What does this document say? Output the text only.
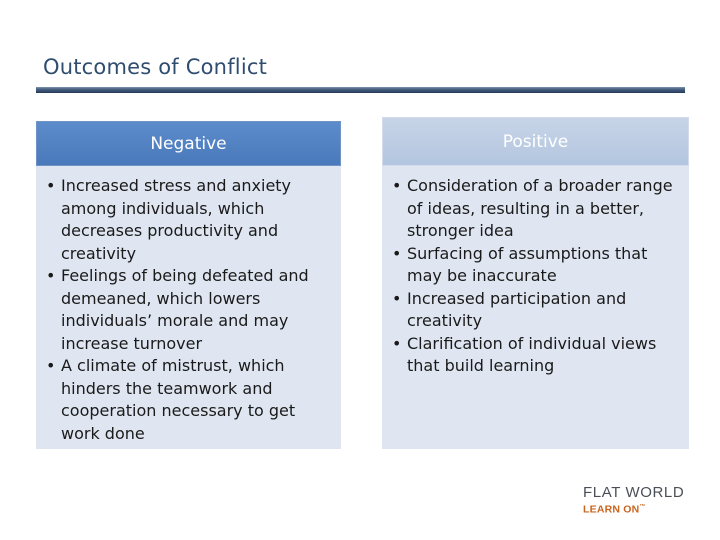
Outcomes of Conflict
Negative
• Increased stress and anxiety among individuals, which decreases productivity and creativity
• Feelings of being defeated and demeaned, which lowers individuals’ morale and may increase turnover
• A climate of mistrust, which hinders the teamwork and cooperation necessary to get work done
Positive
• Consideration of a broader range of ideas, resulting in a better, stronger idea
• Surfacing of assumptions that may be inaccurate
• Increased participation and creativity
• Clarification of individual views that build learning
FLAT WORLD
LEARN ON™
